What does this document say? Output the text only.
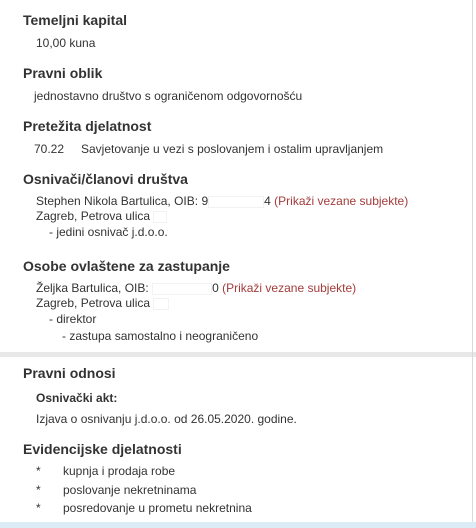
Temeljni kapital
10,00 kuna
Pravni oblik
jednostavno društvo s ograničenom odgovornošću
Pretežita djelatnost
70.22 Savjetovanje u vezi s poslovanjem i ostalim upravljanjem
Osnivači/članovi društva
Stephen Nikola Bartulica, OIB: 9	4 (Prikaži vezane subjekte)
Zagreb, Petrova ulica
- jedini osnivač j.d.o.o.
Osobe ovlaštene za zastupanje
Željka Bartulica, OIB:	0 (Prikaži vezane subjekte)
Zagreb, Petrova ulica
- direktor
- zastupa samostalno i neograničeno
Pravni odnosi
Osnivački akt:
Izjava o osnivanju j.d.o.o. od 26.05.2020. godine.
Evidencijske djelatnosti
* kupnja i prodaja robe
* poslovanje nekretninama
* posredovanje u prometu nekretnina
